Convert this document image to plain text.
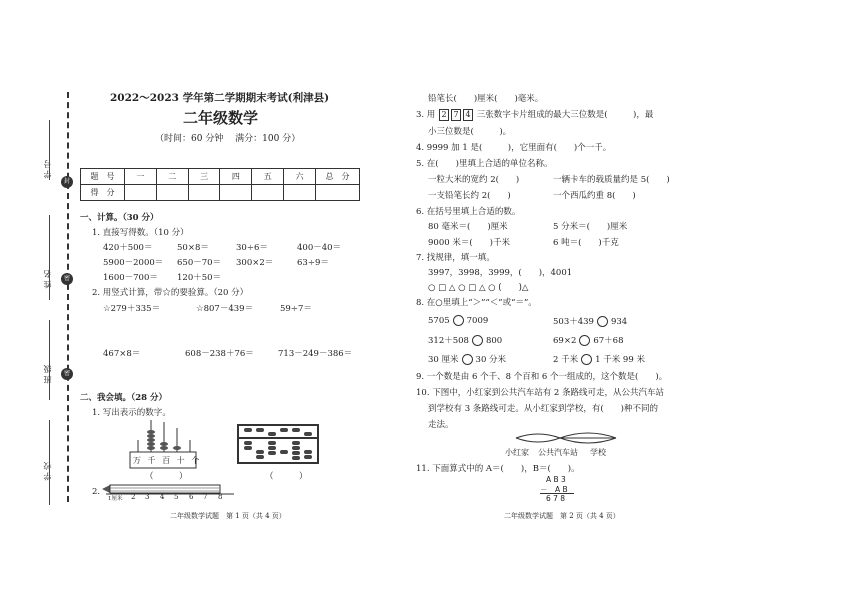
学 号
姓 名
班 级
学 校
封
密
密
2022～2023 学年第二学期期末考试(利津县)
二年级数学
（时间：60 分钟　 满分：100 分）
题　号	一	二	三	四	五	六	总　分
得　分							
一、计算。（30 分）
1. 直接写得数。（10 分）
420＋500＝	50×8＝	30÷6＝	400－40＝
5900－2000＝ 650－70＝ 300×2＝	63÷9＝
1600－700＝ 120＋50＝
2. 用竖式计算，带☆的要验算。（20 分）
☆279＋335＝	☆807－439＝	59÷7＝
467×8＝	608－238＋76＝	713－249－386＝
二、我会填。（28 分）
1. 写出表示的数字。
万 千 百 十 个
（　　　）	（　　　）
2.
1厘米 2 3 4 5 6 7 8
二年级数学试题　第 1 页（共 4 页）
铅笔长(　　)厘米(　　)毫米。
3. 用 2 7 4 三张数字卡片组成的最大三位数是(　　　)，最
小三位数是(　　　)。
4. 9999 加 1 是(　　　)，它里面有(　　)个一千。
5. 在(　　)里填上合适的单位名称。
一粒大米的宽约 2(　　)	一辆卡车的载质量约是 5(　　)
一支铅笔长约 2(　　)	一个西瓜约重 8(　　)
6. 在括号里填上合适的数。
80 毫米＝(　　)厘米	5 分米＝(　　)厘米
9000 米＝(　　)千米	6 吨＝(　　)千克
7. 找规律，填一填。
3997，3998，3999，(　　)，4001
○ □ △ ○ □ △ ○ (　　)△
8. 在○里填上“＞”“＜”或“＝”。
5705 7009	503＋439 934
312＋508 800	69×2 67＋68
30 厘米 30 分米	2 千米 1 千米 99 米
9. 一个数是由 6 个千、8 个百和 6 个一组成的，这个数是(　　)。
10. 下图中，小红家到公共汽车站有 2 条路线可走，从公共汽车站
到学校有 3 条路线可走。从小红家到学校，有(　　)种不同的
走法。
小红家 公共汽车站 学校
11. 下面算式中的 A＝(　　)，B＝(　　)。
A B 3
－　A B
6 7 8
二年级数学试题　第 2 页（共 4 页）
